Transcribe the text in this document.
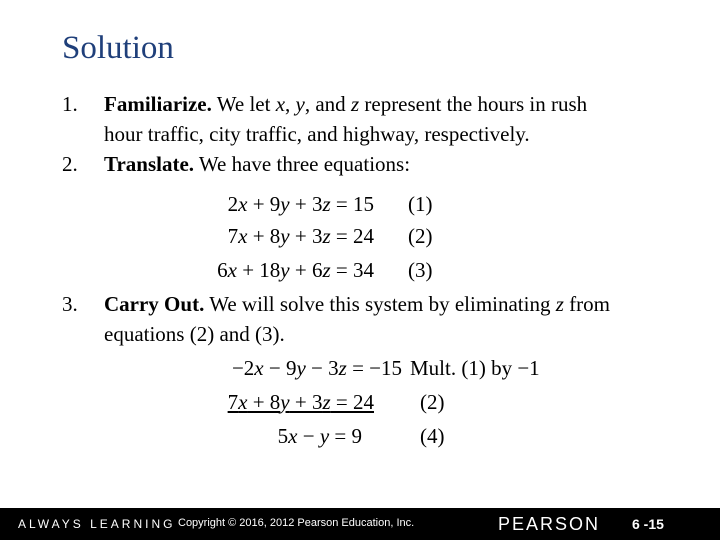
Solution
1. Familiarize. We let x, y, and z represent the hours in rush
hour traffic, city traffic, and highway, respectively.
2. Translate. We have three equations:
2x + 9y + 3z = 15 (1)
7x + 8y + 3z = 24 (2)
6x + 18y + 6z = 34 (3)
3. Carry Out. We will solve this system by eliminating z from
equations (2) and (3).
−2x − 9y − 3z = −15 Mult. (1) by −1
7x + 8y + 3z = 24 (2)
5x − y = 9	(4)
ALWAYS LEARNING Copyright © 2016, 2012 Pearson Education, Inc.	PEARSON 6 -15
